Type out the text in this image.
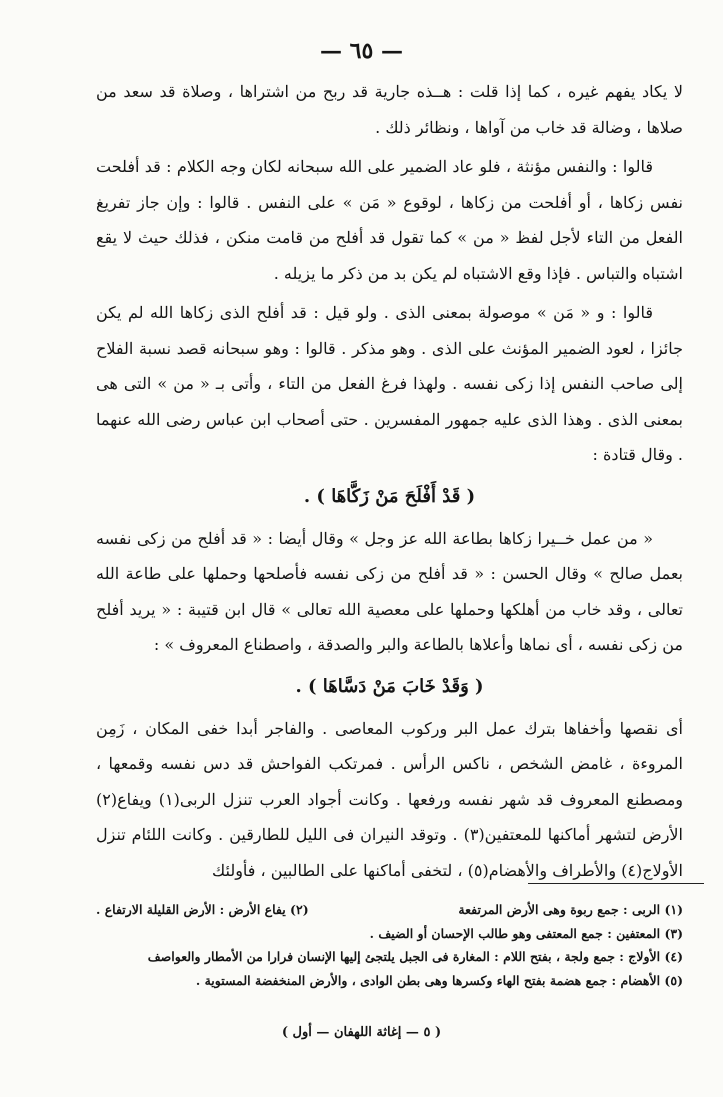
— ٦٥ —

لا يكاد يفهم غيره ، كما إذا قلت : هــذه جارية قد ربح من اشتراها ، وصلاة قد سعد من صلاها ، وضالة قد خاب من آواها ، ونظائر ذلك .

قالوا : والنفس مؤنثة ، فلو عاد الضمير على الله سبحانه لكان وجه الكلام : قد أفلحت نفس زكاها ، أو أفلحت من زكاها ، لوقوع « مَن » على النفس . قالوا : وإن جاز تفريغ الفعل من التاء لأجل لفظ « من » كما تقول قد أفلح من قامت منكن ، فذلك حيث لا يقع اشتباه والتباس . فإذا وقع الاشتباه لم يكن بد من ذكر ما يزيله .

قالوا : و « مَن » موصولة بمعنى الذى . ولو قيل : قد أفلح الذى زكاها الله لم يكن جائزا ، لعود الضمير المؤنث على الذى . وهو مذكر . قالوا : وهو سبحانه قصد نسبة الفلاح إلى صاحب النفس إذا زكى نفسه . ولهذا فرغ الفعل من التاء ، وأتى بـ « من » التى هى بمعنى الذى . وهذا الذى عليه جمهور المفسرين . حتى أصحاب ابن عباس رضى الله عنهما . وقال قتادة :

( قَدْ أَفْلَحَ مَنْ زَكَّاهَا ) .

« من عمل خــيرا زكاها بطاعة الله عز وجل » وقال أيضا : « قد أفلح من زكى نفسه بعمل صالح » وقال الحسن : « قد أفلح من زكى نفسه فأصلحها وحملها على طاعة الله تعالى ، وقد خاب من أهلكها وحملها على معصية الله تعالى » قال ابن قتيبة : « يريد أفلح من زكى نفسه ، أى نماها وأعلاها بالطاعة والبر والصدقة ، واصطناع المعروف » :

( وَقَدْ خَابَ مَنْ دَسَّاهَا ) .

أى نقصها وأخفاها بترك عمل البر وركوب المعاصى . والفاجر أبدا خفى المكان ، زَمِن المروءة ، غامض الشخص ، ناكس الرأس . فمرتكب الفواحش قد دس نفسه وقمعها ، ومصطنع المعروف قد شهر نفسه ورفعها . وكانت أجواد العرب تنزل الربى(١) ويفاع(٢) الأرض لتشهر أماكنها للمعتفين(٣) . وتوقد النيران فى الليل للطارقين . وكانت اللئام تنزل الأولاج(٤) والأطراف والأهضام(٥) ، لتخفى أماكنها على الطالبين ، فأولئك

(١) الربى : جمع ربوة وهى الأرض المرتفعة
(٢) يفاع الأرض : الأرض القليلة الارتفاع .
(٣) المعتفين : جمع المعتفى وهو طالب الإحسان أو الضيف .
(٤) الأولاج : جمع ولجة ، بفتح اللام : المغارة فى الجبل يلتجئ إليها الإنسان فرارا من الأمطار والعواصف
(٥) الأهضام : جمع هضمة بفتح الهاء وكسرها وهى بطن الوادى ، والأرض المنخفضة المستوية .
( ٥ — إغاثة اللهفان — أول )
